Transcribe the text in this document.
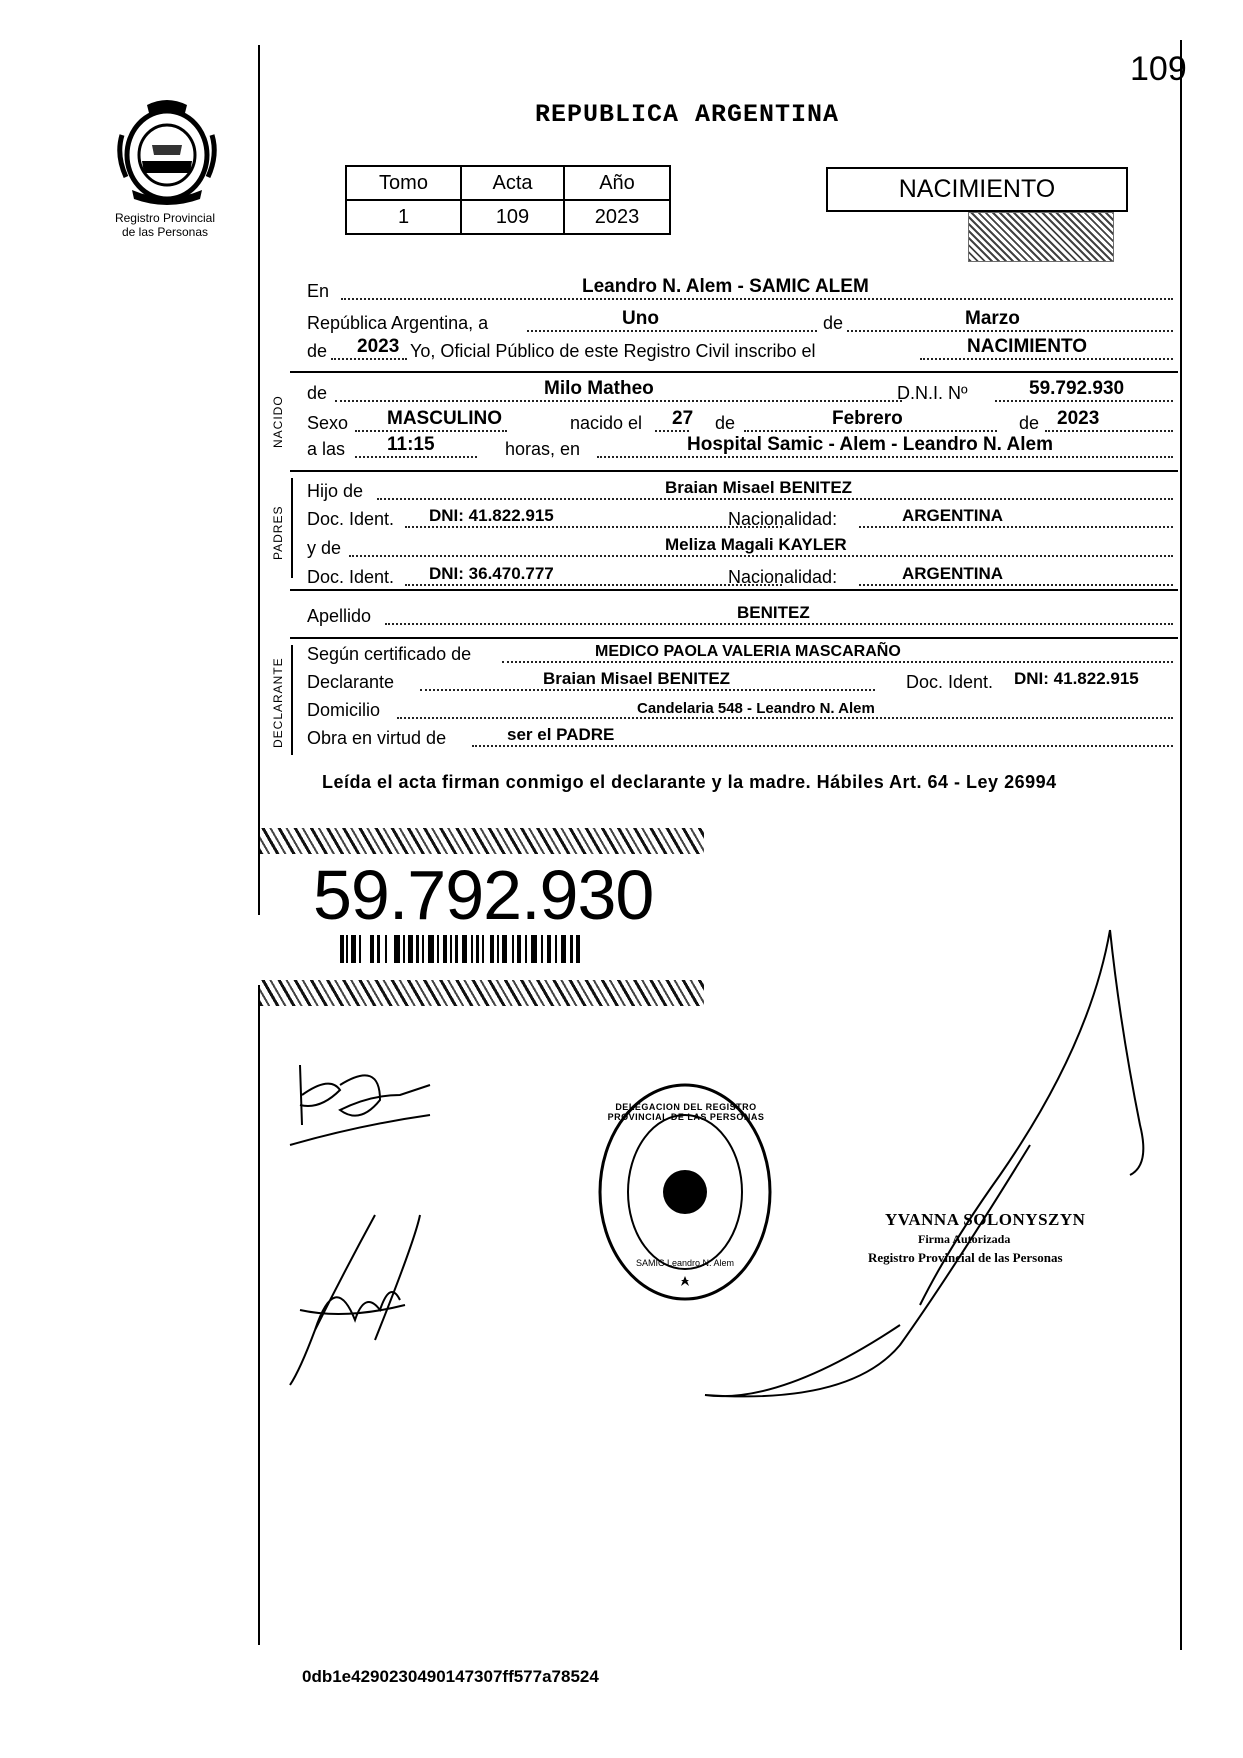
109
Registro Provincial
de las Personas
REPUBLICA ARGENTINA
Tomo	Acta	Año
1	109	2023
NACIMIENTO
En	Leandro N. Alem - SAMIC ALEM
República Argentina, a	Uno	de	Marzo
de 2023 Yo, Oficial Público de este Registro Civil inscribo el	NACIMIENTO
NACIDO
de	Milo Matheo	D.N.I. Nº	59.792.930
Sexo MASCULINO	nacido el 27 de	Febrero	de 2023
a las 11:15	horas, en	Hospital Samic - Alem - Leandro N. Alem
PADRES
Hijo de	Braian Misael BENITEZ
Doc. Ident. DNI: 41.822.915	Nacionalidad:	ARGENTINA
y de	Meliza Magali KAYLER
Doc. Ident. DNI: 36.470.777	Nacionalidad:	ARGENTINA
Apellido	BENITEZ
DECLARANTE
Según certificado de	MEDICO PAOLA VALERIA MASCARAÑO
Declarante	Braian Misael BENITEZ	Doc. Ident. DNI: 41.822.915
Domicilio	Candelaria 548 - Leandro N. Alem
Obra en virtud de	ser el PADRE
Leída el acta firman conmigo el declarante y la madre. Hábiles Art. 64 - Ley 26994
59.792.930
DELEGACION DEL REGISTRO PROVINCIAL DE LAS PERSONAS
SAMIC Leandro N. Alem
YVANNA SOLONYSZYN
Firma Autorizada
Registro Provincial de las Personas
0db1e4290230490147307ff577a78524
